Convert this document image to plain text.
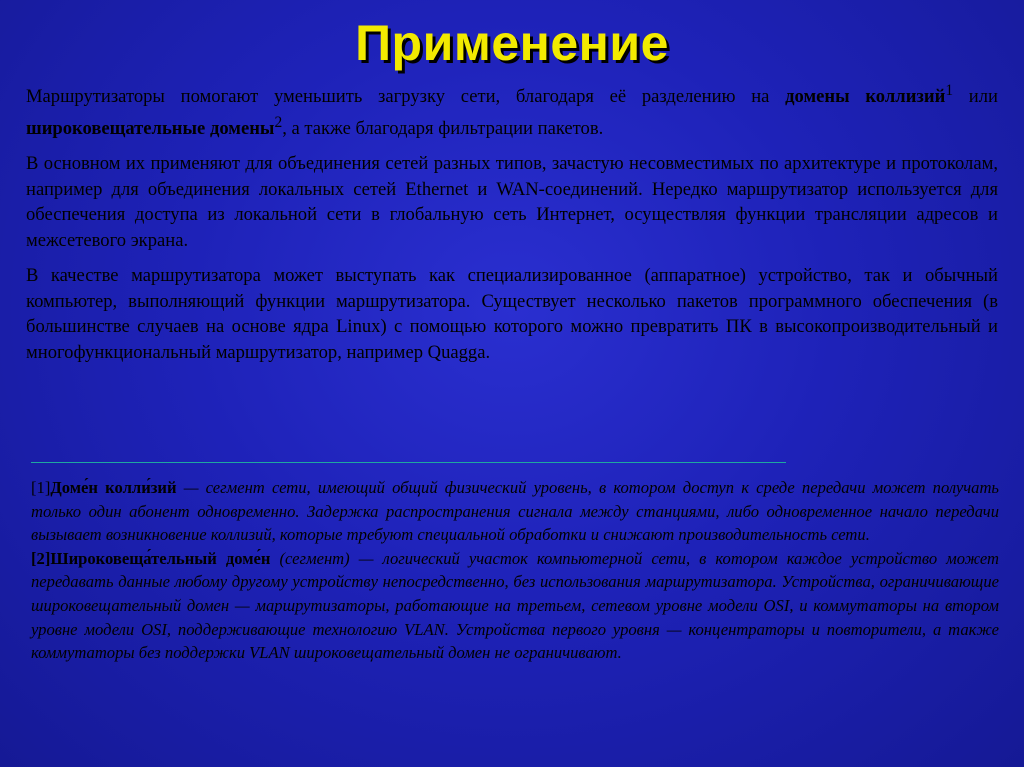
Применение

Маршрутизаторы помогают уменьшить загрузку сети, благодаря её разделению на домены коллизий$^1$ или широковещательные домены$^2$, а также благодаря фильтрации пакетов.

В основном их применяют для объединения сетей разных типов, зачастую несовместимых по архитектуре и протоколам, например для объединения локальных сетей Ethernet и WAN-соединений. Нередко маршрутизатор используется для обеспечения доступа из локальной сети в глобальную сеть Интернет, осуществляя функции трансляции адресов и межсетевого экрана.

В качестве маршрутизатора может выступать как специализированное (аппаратное) устройство, так и обычный компьютер, выполняющий функции маршрутизатора. Существует несколько пакетов программного обеспечения (в большинстве случаев на основе ядра Linux) с помощью которого можно превратить ПК в высокопроизводительный и многофункциональный маршрутизатор, например Quagga.

[1]Доме́н колли́зий — сегмент сети, имеющий общий физический уровень, в котором доступ к среде передачи может получать только один абонент одновременно. Задержка распространения сигнала между станциями, либо одновременное начало передачи вызывает возникновение коллизий, которые требуют специальной обработки и снижают производительность сети.

[2]Широковеща́тельный доме́н (сегмент) — логический участок компьютерной сети, в котором каждое устройство может передавать данные любому другому устройству непосредственно, без использования маршрутизатора. Устройства, ограничивающие широковещательный домен — маршрутизаторы, работающие на третьем, сетевом уровне модели OSI, и коммутаторы на втором уровне модели OSI, поддерживающие технологию VLAN. Устройства первого уровня — концентраторы и повторители, а также коммутаторы без поддержки VLAN широковещательный домен не ограничивают.
